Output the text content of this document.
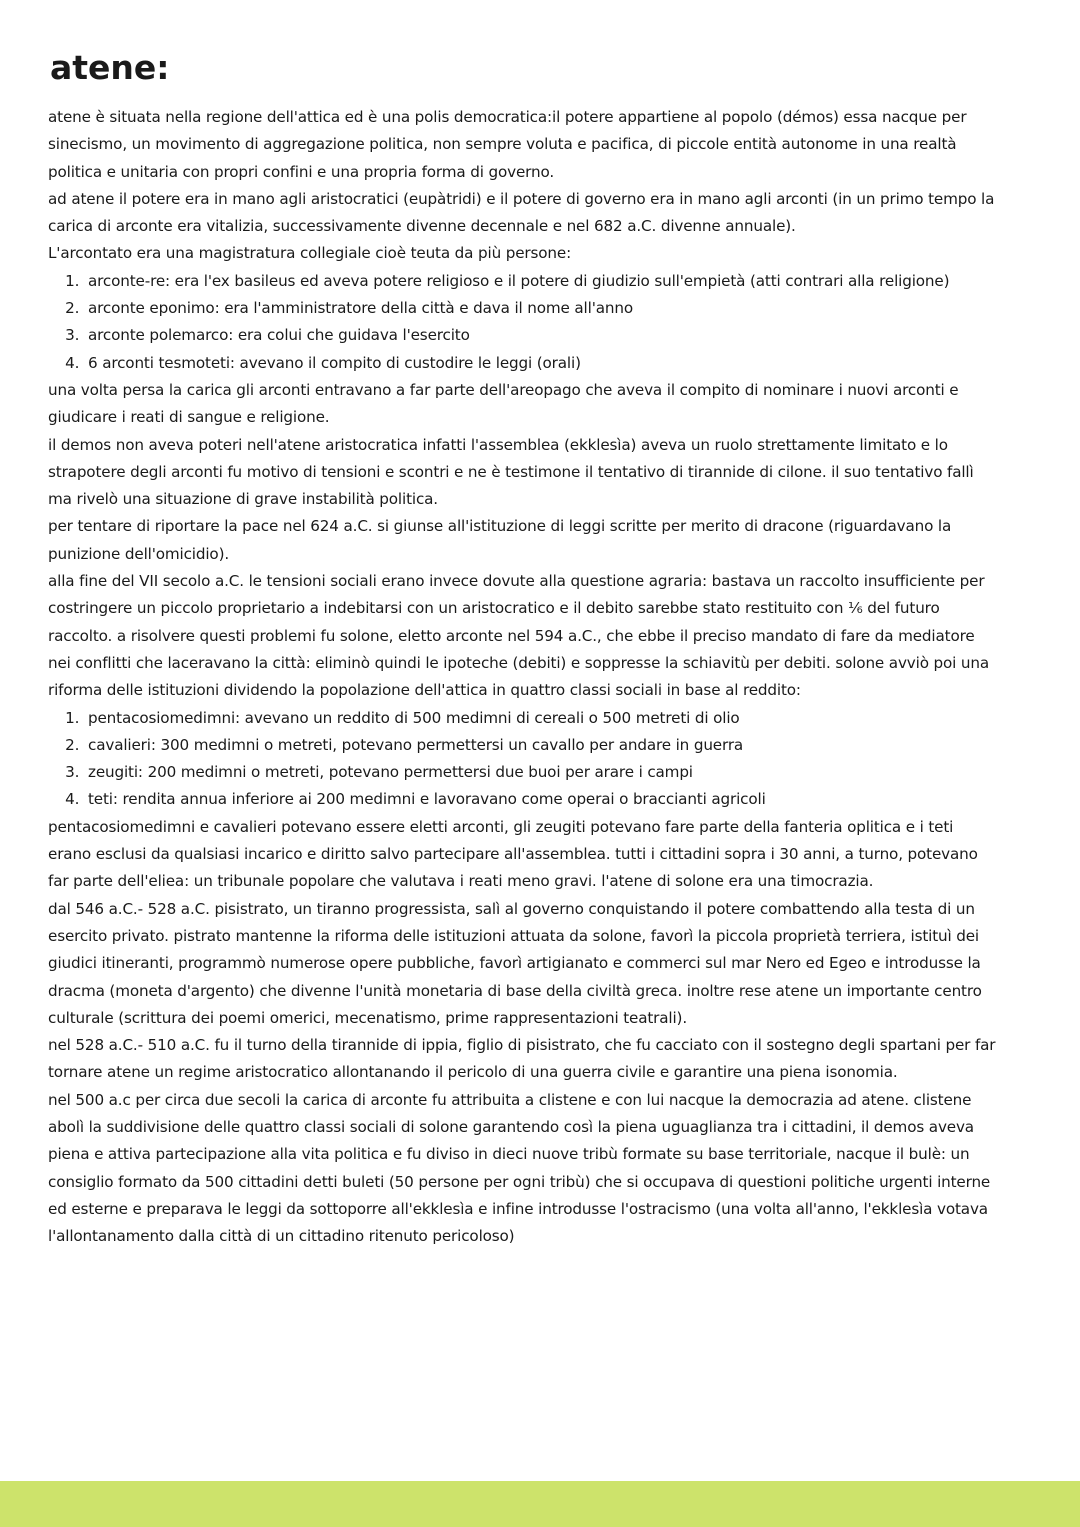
atene:

atene è situata nella regione dell'attica ed è una polis democratica:il potere appartiene al popolo (démos) essa nacque per sinecismo, un movimento di aggregazione politica, non sempre voluta e pacifica, di piccole entità autonome in una realtà politica e unitaria con propri confini e una propria forma di governo.

ad atene il potere era in mano agli aristocratici (eupàtridi) e il potere di governo era in mano agli arconti (in un primo tempo la carica di arconte era vitalizia, successivamente divenne decennale e nel 682 a.C. divenne annuale).

L'arcontato era una magistratura collegiale cioè teuta da più persone:

1. arconte-re: era l'ex basileus ed aveva potere religioso e il potere di giudizio sull'empietà (atti contrari alla religione)
2. arconte eponimo: era l'amministratore della città e dava il nome all'anno
3. arconte polemarco: era colui che guidava l'esercito
4. 6 arconti tesmoteti: avevano il compito di custodire le leggi (orali)

una volta persa la carica gli arconti entravano a far parte dell'areopago che aveva il compito di nominare i nuovi arconti e giudicare i reati di sangue e religione.

il demos non aveva poteri nell'atene aristocratica infatti l'assemblea (ekklesìa) aveva un ruolo strettamente limitato e lo strapotere degli arconti fu motivo di tensioni e scontri e ne è testimone il tentativo di tirannide di cilone. il suo tentativo fallì ma rivelò una situazione di grave instabilità politica.

per tentare di riportare la pace nel 624 a.C. si giunse all'istituzione di leggi scritte per merito di dracone (riguardavano la punizione dell'omicidio).

alla fine del VII secolo a.C. le tensioni sociali erano invece dovute alla questione agraria: bastava un raccolto insufficiente per costringere un piccolo proprietario a indebitarsi con un aristocratico e il debito sarebbe stato restituito con ⅙ del futuro raccolto. a risolvere questi problemi fu solone, eletto arconte nel 594 a.C., che ebbe il preciso mandato di fare da mediatore nei conflitti che laceravano la città: eliminò quindi le ipoteche (debiti) e soppresse la schiavitù per debiti. solone avviò poi una riforma delle istituzioni dividendo la popolazione dell'attica in quattro classi sociali in base al reddito:

1. pentacosiomedimni: avevano un reddito di 500 medimni di cereali o 500 metreti di olio
2. cavalieri: 300 medimni o metreti, potevano permettersi un cavallo per andare in guerra
3. zeugiti: 200 medimni o metreti, potevano permettersi due buoi per arare i campi
4. teti: rendita annua inferiore ai 200 medimni e lavoravano come operai o braccianti agricoli

pentacosiomedimni e cavalieri potevano essere eletti arconti, gli zeugiti potevano fare parte della fanteria oplitica e i teti erano esclusi da qualsiasi incarico e diritto salvo partecipare all'assemblea. tutti i cittadini sopra i 30 anni, a turno, potevano far parte dell'eliea: un tribunale popolare che valutava i reati meno gravi. l'atene di solone era una timocrazia.

dal 546 a.C.- 528 a.C. pisistrato, un tiranno progressista, salì al governo conquistando il potere combattendo alla testa di un esercito privato. pistrato mantenne la riforma delle istituzioni attuata da solone, favorì la piccola proprietà terriera, istituì dei giudici itineranti, programmò numerose opere pubbliche, favorì artigianato e commerci sul mar Nero ed Egeo e introdusse la dracma (moneta d'argento) che divenne l'unità monetaria di base della civiltà greca. inoltre rese atene un importante centro culturale (scrittura dei poemi omerici, mecenatismo, prime rappresentazioni teatrali).

nel 528 a.C.- 510 a.C. fu il turno della tirannide di ippia, figlio di pisistrato, che fu cacciato con il sostegno degli spartani per far tornare atene un regime aristocratico allontanando il pericolo di una guerra civile e garantire una piena isonomia.

nel 500 a.c per circa due secoli la carica di arconte fu attribuita a clistene e con lui nacque la democrazia ad atene. clistene abolì la suddivisione delle quattro classi sociali di solone garantendo così la piena uguaglianza tra i cittadini, il demos aveva piena e attiva partecipazione alla vita politica e fu diviso in dieci nuove tribù formate su base territoriale, nacque il bulè: un consiglio formato da 500 cittadini detti buleti (50 persone per ogni tribù) che si occupava di questioni politiche urgenti interne ed esterne e preparava le leggi da sottoporre all'ekklesìa e infine introdusse l'ostracismo (una volta all'anno, l'ekklesìa votava l'allontanamento dalla città di un cittadino ritenuto pericoloso)
